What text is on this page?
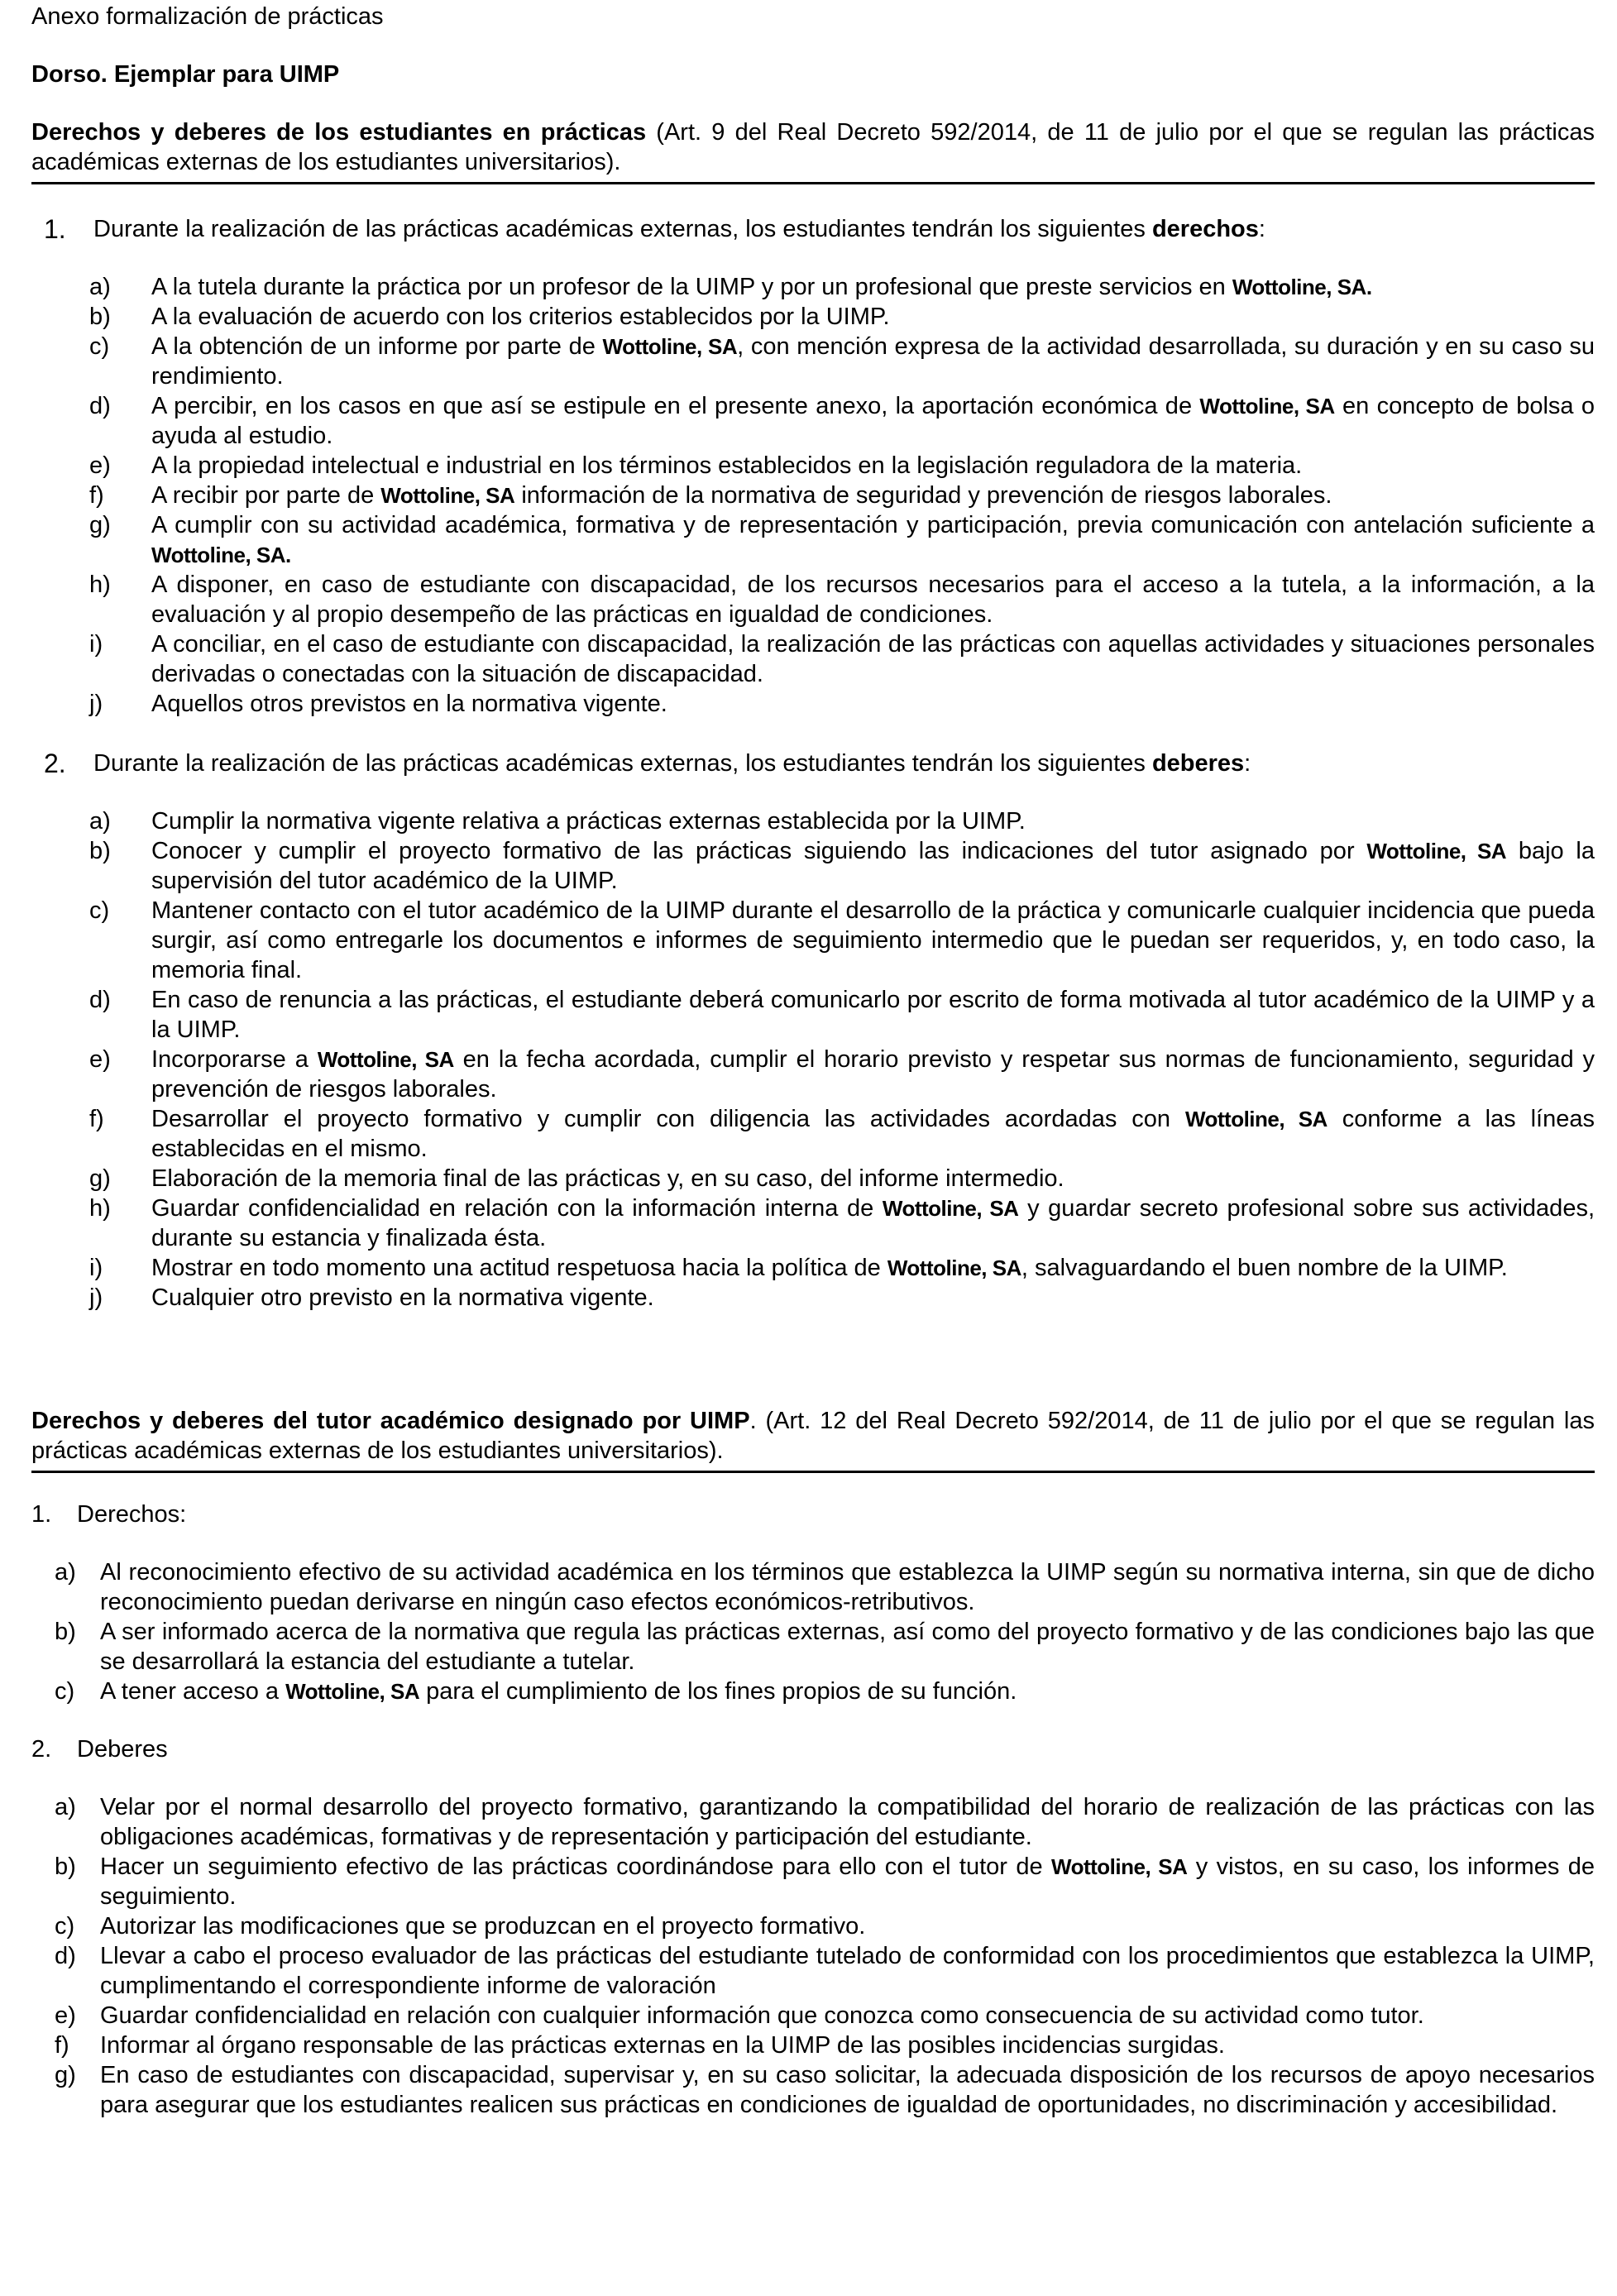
Anexo formalización de prácticas
Dorso. Ejemplar para UIMP
Derechos y deberes de los estudiantes en prácticas (Art. 9 del Real Decreto 592/2014, de 11 de julio por el que se regulan las prácticas académicas externas de los estudiantes universitarios).
1.	Durante la realización de las prácticas académicas externas, los estudiantes tendrán los siguientes derechos:
a)	A la tutela durante la práctica por un profesor de la UIMP y por un profesional que preste servicios en Wottoline, SA.
b)	A la evaluación de acuerdo con los criterios establecidos por la UIMP.
c)	A la obtención de un informe por parte de Wottoline, SA, con mención expresa de la actividad desarrollada, su duración y en su caso su rendimiento.
d)	A percibir, en los casos en que así se estipule en el presente anexo, la aportación económica de Wottoline, SA en concepto de bolsa o ayuda al estudio.
e)	A la propiedad intelectual e industrial en los términos establecidos en la legislación reguladora de la materia.
f)	A recibir por parte de Wottoline, SA información de la normativa de seguridad y prevención de riesgos laborales.
g)	A cumplir con su actividad académica, formativa y de representación y participación, previa comunicación con antelación suficiente a Wottoline, SA.
h)	A disponer, en caso de estudiante con discapacidad, de los recursos necesarios para el acceso a la tutela, a la información, a la evaluación y al propio desempeño de las prácticas en igualdad de condiciones.
i)	A conciliar, en el caso de estudiante con discapacidad, la realización de las prácticas con aquellas actividades y situaciones personales derivadas o conectadas con la situación de discapacidad.
j)	Aquellos otros previstos en la normativa vigente.
2.	Durante la realización de las prácticas académicas externas, los estudiantes tendrán los siguientes deberes:
a)	Cumplir la normativa vigente relativa a prácticas externas establecida por la UIMP.
b)	Conocer y cumplir el proyecto formativo de las prácticas siguiendo las indicaciones del tutor asignado por Wottoline, SA bajo la supervisión del tutor académico de la UIMP.
c)	Mantener contacto con el tutor académico de la UIMP durante el desarrollo de la práctica y comunicarle cualquier incidencia que pueda surgir, así como entregarle los documentos e informes de seguimiento intermedio que le puedan ser requeridos, y, en todo caso, la memoria final.
d)	En caso de renuncia a las prácticas, el estudiante deberá comunicarlo por escrito de forma motivada al tutor académico de la UIMP y a la UIMP.
e)	Incorporarse a Wottoline, SA en la fecha acordada, cumplir el horario previsto y respetar sus normas de funcionamiento, seguridad y prevención de riesgos laborales.
f)	Desarrollar el proyecto formativo y cumplir con diligencia las actividades acordadas con Wottoline, SA conforme a las líneas establecidas en el mismo.
g)	Elaboración de la memoria final de las prácticas y, en su caso, del informe intermedio.
h)	Guardar confidencialidad en relación con la información interna de Wottoline, SA y guardar secreto profesional sobre sus actividades, durante su estancia y finalizada ésta.
i)	Mostrar en todo momento una actitud respetuosa hacia la política de Wottoline, SA, salvaguardando el buen nombre de la UIMP.
j)	Cualquier otro previsto en la normativa vigente.
Derechos y deberes del tutor académico designado por UIMP. (Art. 12 del Real Decreto 592/2014, de 11 de julio por el que se regulan las prácticas académicas externas de los estudiantes universitarios).
1.	Derechos:
a)	Al reconocimiento efectivo de su actividad académica en los términos que establezca la UIMP según su normativa interna, sin que de dicho reconocimiento puedan derivarse en ningún caso efectos económicos-retributivos.
b)	A ser informado acerca de la normativa que regula las prácticas externas, así como del proyecto formativo y de las condiciones bajo las que se desarrollará la estancia del estudiante a tutelar.
c)	A tener acceso a Wottoline, SA para el cumplimiento de los fines propios de su función.
2.	Deberes
a)	Velar por el normal desarrollo del proyecto formativo, garantizando la compatibilidad del horario de realización de las prácticas con las obligaciones académicas, formativas y de representación y participación del estudiante.
b)	Hacer un seguimiento efectivo de las prácticas coordinándose para ello con el tutor de Wottoline, SA y vistos, en su caso, los informes de seguimiento.
c)	Autorizar las modificaciones que se produzcan en el proyecto formativo.
d)	Llevar a cabo el proceso evaluador de las prácticas del estudiante tutelado de conformidad con los procedimientos que establezca la UIMP, cumplimentando el correspondiente informe de valoración
e)	Guardar confidencialidad en relación con cualquier información que conozca como consecuencia de su actividad como tutor.
f)	Informar al órgano responsable de las prácticas externas en la UIMP de las posibles incidencias surgidas.
g)	En caso de estudiantes con discapacidad, supervisar y, en su caso solicitar, la adecuada disposición de los recursos de apoyo necesarios para asegurar que los estudiantes realicen sus prácticas en condiciones de igualdad de oportunidades, no discriminación y accesibilidad.
